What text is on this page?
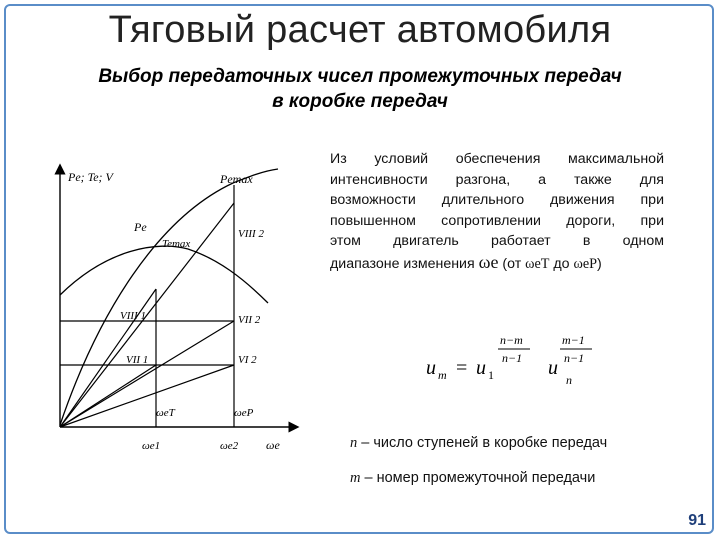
Тяговый расчет автомобиля
Выбор передаточных чисел промежуточных передач
в коробке передач
Pe; Te; V	Pemax
Pe
Temax
VIII 2
VIII 1	VII 2
VII 1	VI 2
ωeT	ωeP
ωe1	ωe2 ωe
Из условий обеспечения максимальной
интенсивности разгона, а также для
возможности длительного движения при
повышенном сопротивлении дороги, при
этом двигатель работает в одном
диапазоне изменения ωe (от ωeT до ωeP)
u m = u 1
n−m
n−1 u
m−1
n−1
n
n – число ступеней в коробке передач
m – номер промежуточной передачи
91
